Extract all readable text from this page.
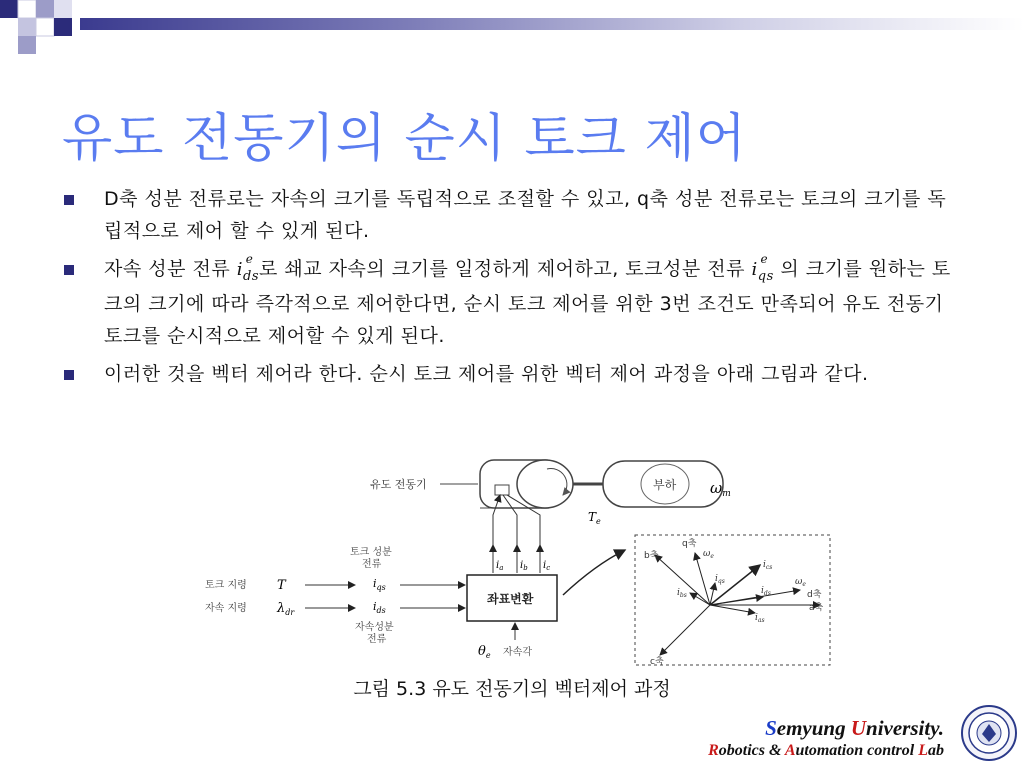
유도 전동기의 순시 토크 제어
D축 성분 전류로는 자속의 크기를 독립적으로 조절할 수 있고, q축 성분 전류로는 토크의 크기를 독립적으로 제어 할 수 있게 된다.
자속 성분 전류 i e
$_{ds}$로 쇄교 자속의 크기를 일정하게 제어하고, 토크성분 전류 i e
$_{qs}$ 의 크기를 원하는 토크의 크기에 따라 즉각적으로 제어한다면, 순시 토크 제어를 위한 3번 조건도 만족되어 유도 전동기 토크를 순시적으로 제어할 수 있게 된다.
이러한 것을 벡터 제어라 한다. 순시 토크 제어를 위한 벡터 제어 과정을 아래 그림과 같다.
유도 전동기	부하 $\omega_m$
$T_e$
$i_a$ $i_b$ $i_c$
좌표변환
토크 성분
전류
토크 지령
자속 지령
T
$\lambda_{dr}$
$i_{qs}$
$i_{ds}$
자속성분
전류
$\theta_e$ 자속각
b축
q축
$\omega_e$
$\omega_e$
d축
a축
c축
$i_{cs}$
$i_{qs}$
$i_{bs}$	$i_{ds}$
$i_{as}$
그림 5.3 유도 전동기의 벡터제어 과정
Semyung University.
Robotics & Automation control Lab
